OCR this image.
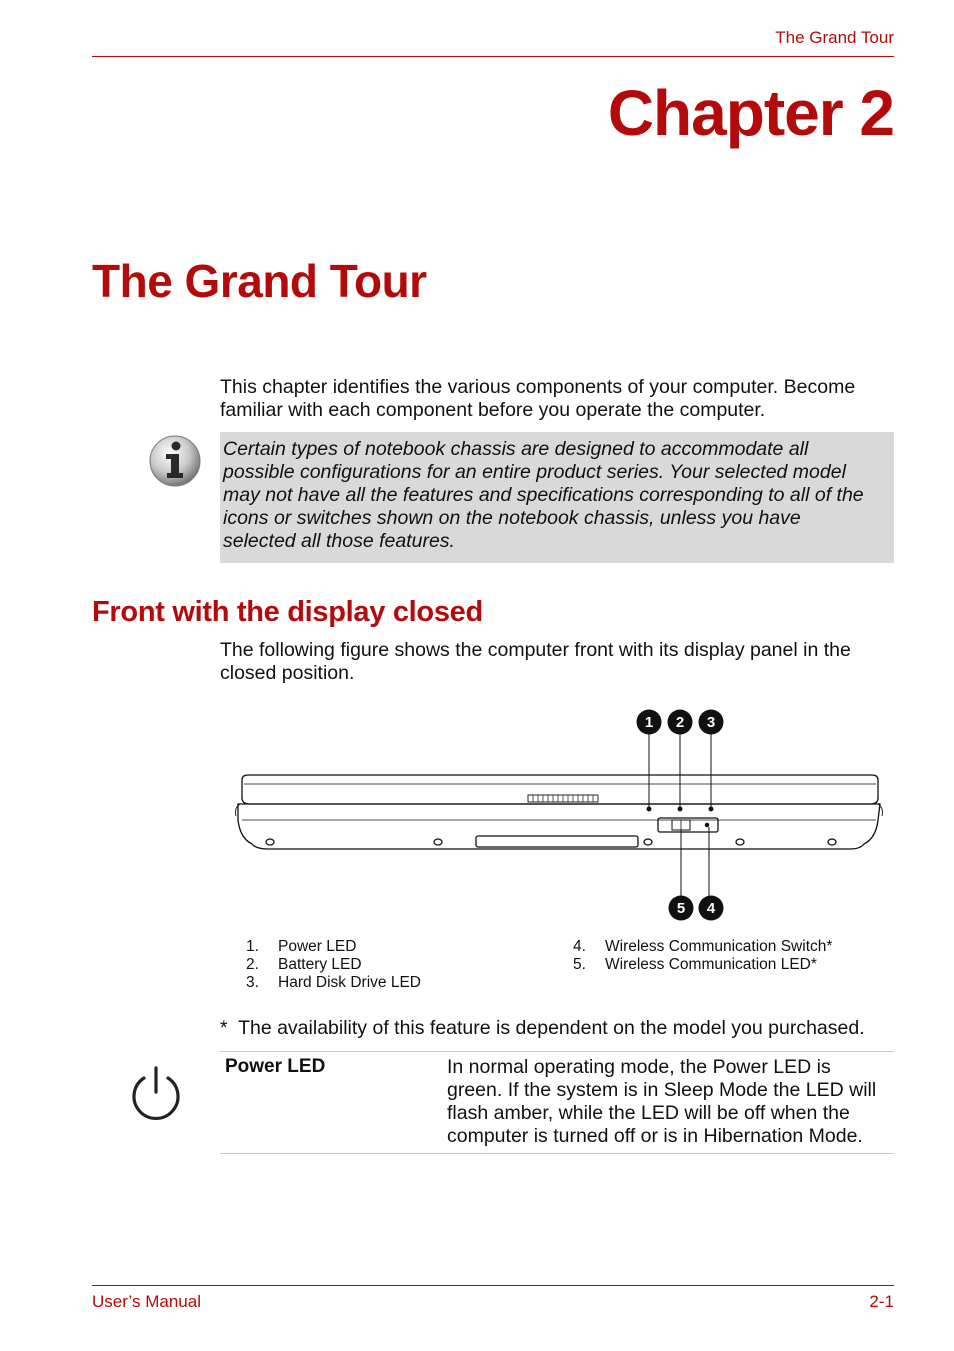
The Grand Tour
Chapter 2
The Grand Tour
This chapter identifies the various components of your computer. Become
familiar with each component before you operate the computer.
Certain types of notebook chassis are designed to accommodate all
possible configurations for an entire product series. Your selected model
may not have all the features and specifications corresponding to all of the
icons or switches shown on the notebook chassis, unless you have
selected all those features.
Front with the display closed
The following figure shows the computer front with its display panel in the
closed position.
1 2 3
5 4
1. Power LED
2. Battery LED
3. Hard Disk Drive LED
4. Wireless Communication Switch*
5. Wireless Communication LED*
*  The availability of this feature is dependent on the model you purchased.
Power LED	In normal operating mode, the Power LED is
green. If the system is in Sleep Mode the LED will
flash amber, while the LED will be off when the
computer is turned off or is in Hibernation Mode.
User’s Manual	2-1
